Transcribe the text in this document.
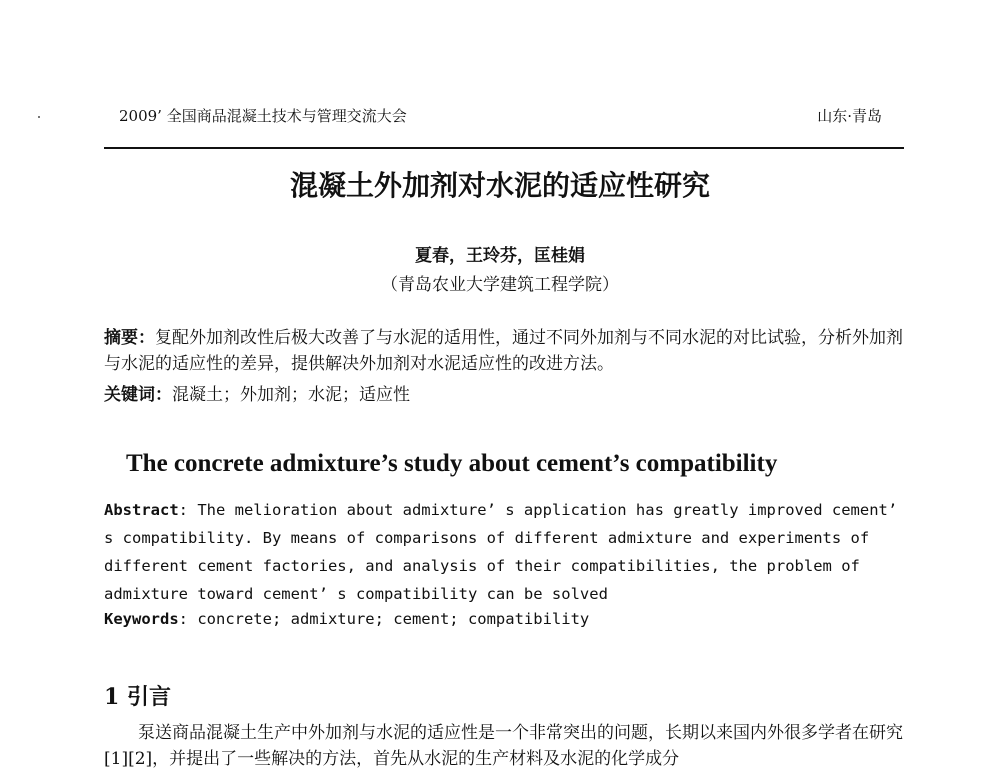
2009’ 全国商品混凝土技术与管理交流大会	山东·青岛
混凝土外加剂对水泥的适应性研究
夏春，王玲芬，匡桂娟
（青岛农业大学建筑工程学院）
摘要：复配外加剂改性后极大改善了与水泥的适用性，通过不同外加剂与不同水泥的对比试验，分析外加剂与水泥的适应性的差异，提供解决外加剂对水泥适应性的改进方法。
关键词：混凝土；外加剂；水泥；适应性
The concrete admixture’s study about cement’s compatibility
Abstract: The melioration about admixture’ s application has greatly improved cement’ s compatibility. By means of comparisons of different admixture and experiments of different cement factories, and analysis of their compatibilities, the problem of admixture toward cement’ s compatibility can be solved
Keywords: concrete; admixture; cement; compatibility
1 引言
泵送商品混凝土生产中外加剂与水泥的适应性是一个非常突出的问题，长期以来国内外很多学者在研究[1][2]，并提出了一些解决的方法，首先从水泥的生产材料及水泥的化学成分
